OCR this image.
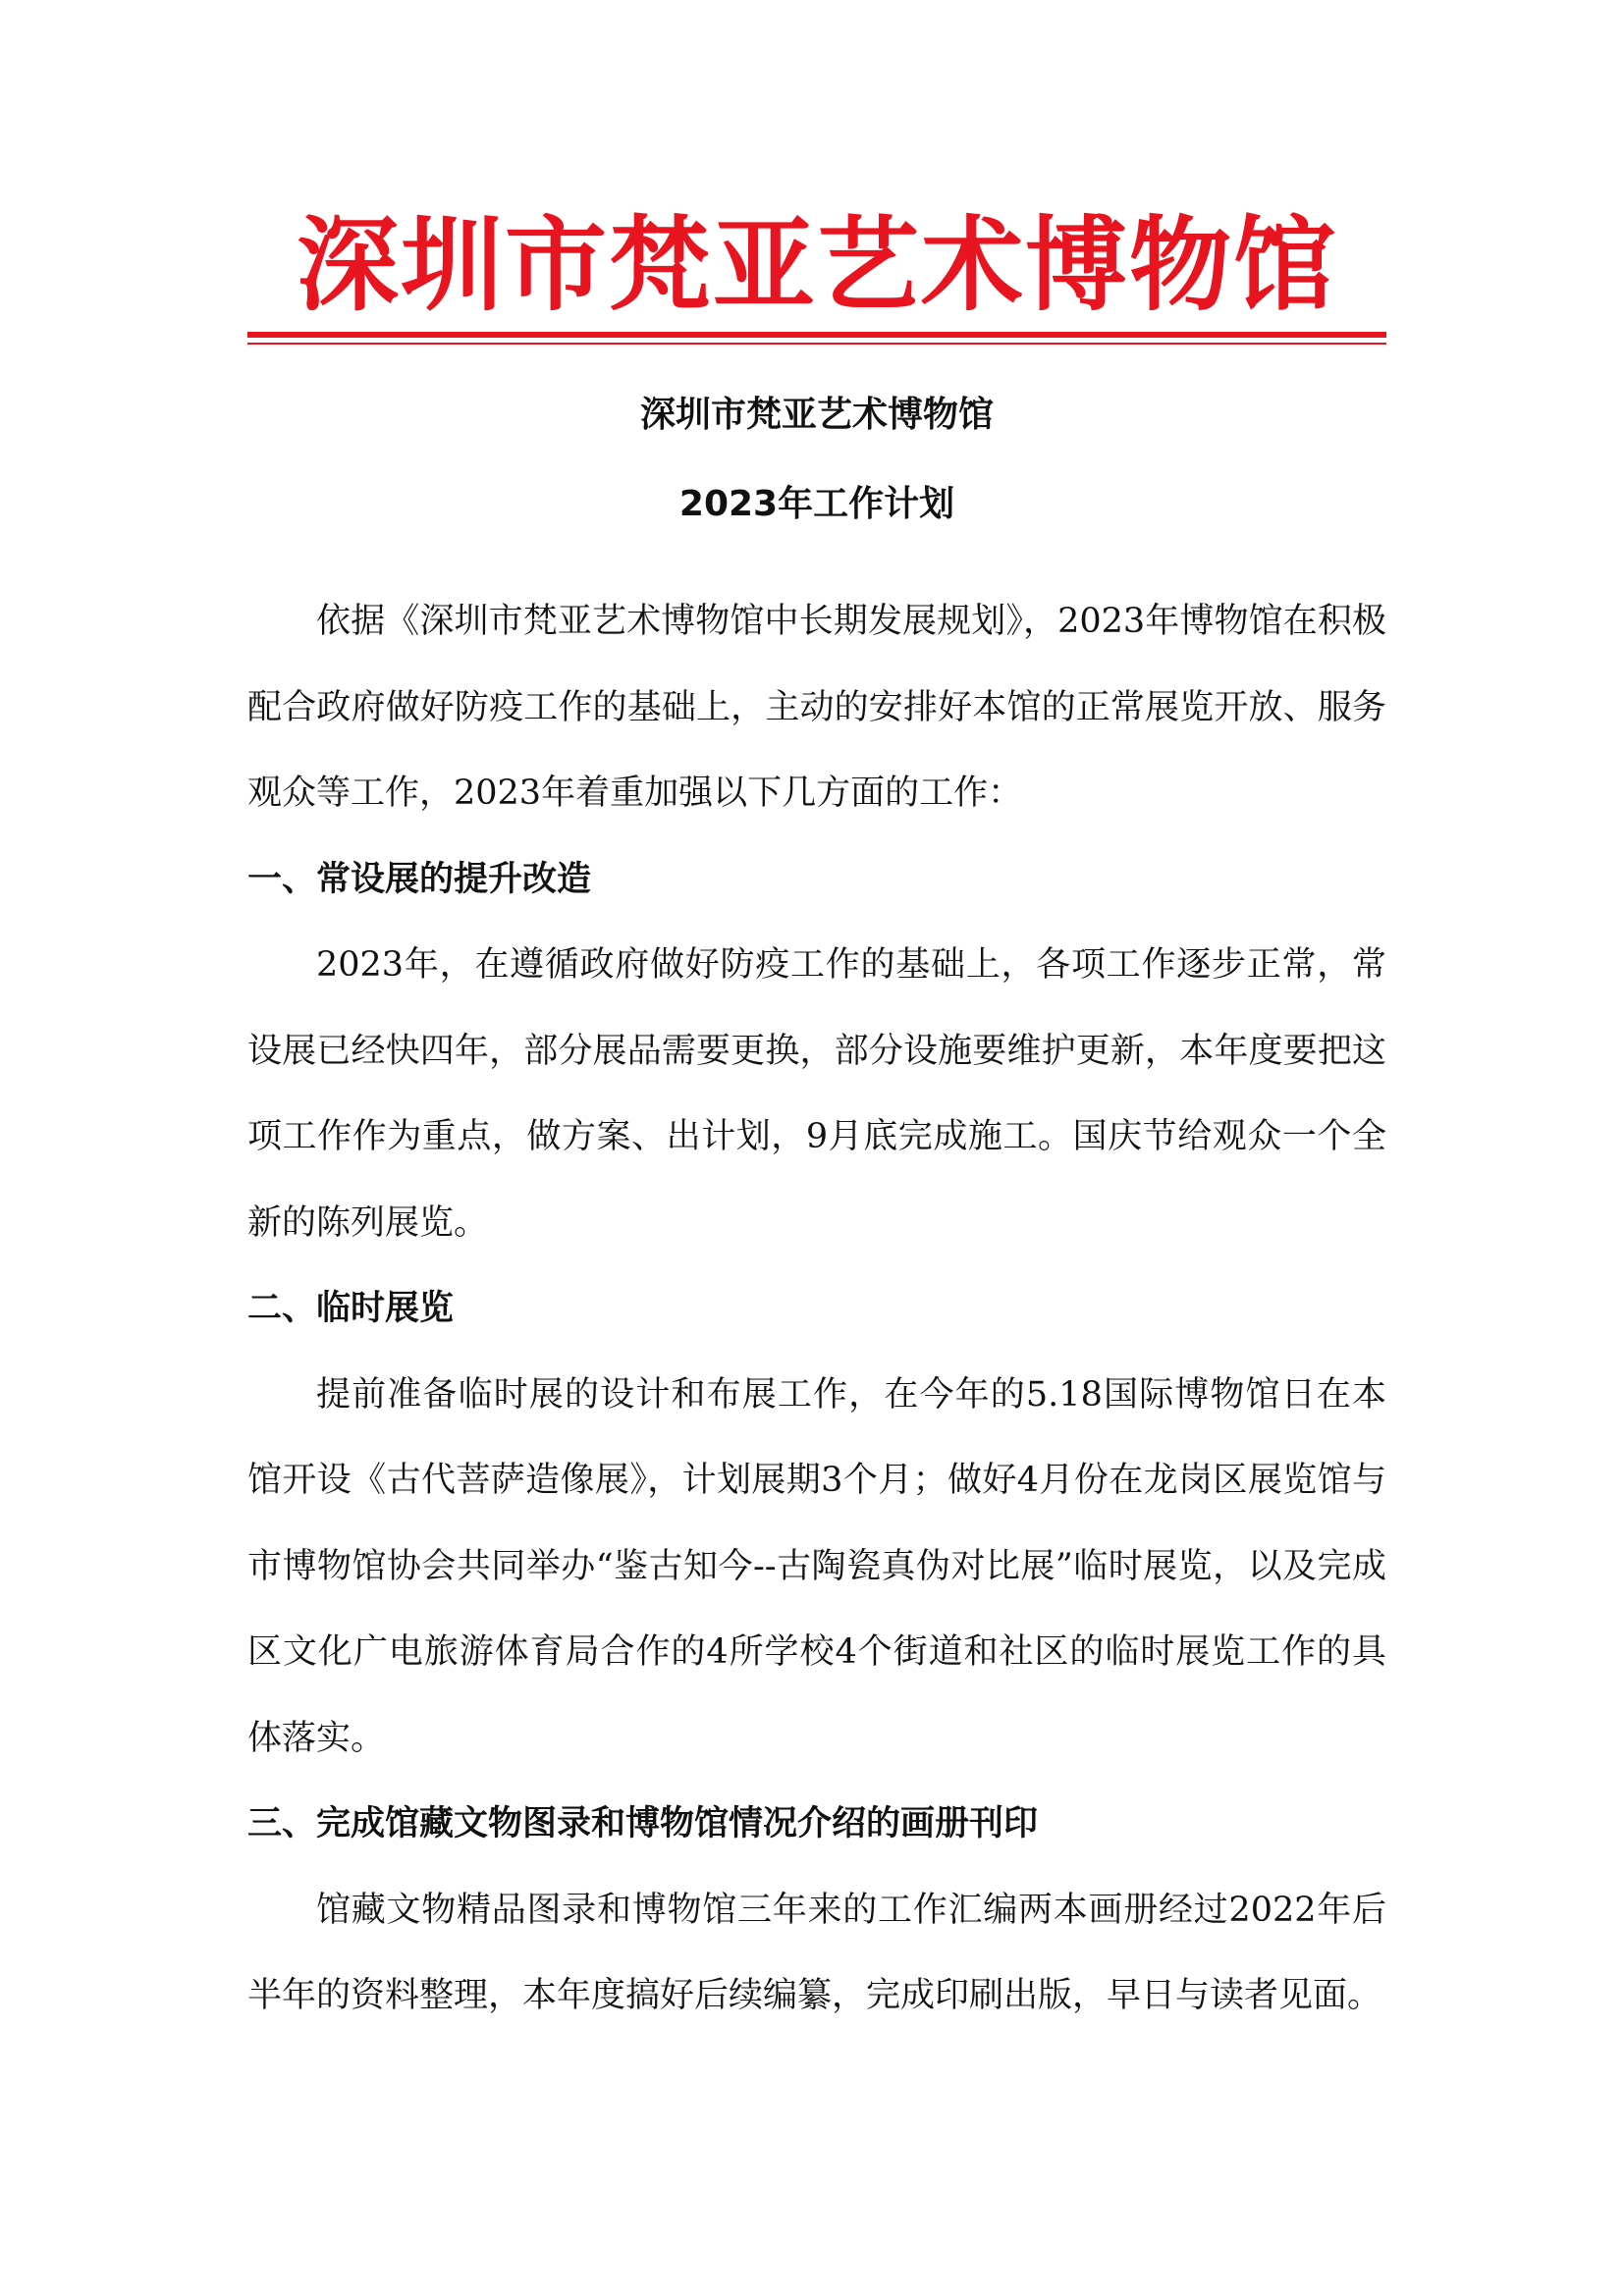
深圳市梵亚艺术博物馆
深圳市梵亚艺术博物馆
2023年工作计划

依据《深圳市梵亚艺术博物馆中长期发展规划》，2023年博物馆在积极配合政府做好防疫工作的基础上，主动的安排好本馆的正常展览开放、服务观众等工作，2023年着重加强以下几方面的工作：

一、常设展的提升改造

2023年，在遵循政府做好防疫工作的基础上，各项工作逐步正常，常设展已经快四年，部分展品需要更换，部分设施要维护更新，本年度要把这项工作作为重点，做方案、出计划，9月底完成施工。国庆节给观众一个全新的陈列展览。

二、临时展览

提前准备临时展的设计和布展工作，在今年的5.18国际博物馆日在本馆开设《古代菩萨造像展》，计划展期3个月；做好4月份在龙岗区展览馆与市博物馆协会共同举办“鉴古知今--古陶瓷真伪对比展”临时展览，以及完成区文化广电旅游体育局合作的4所学校4个街道和社区的临时展览工作的具体落实。

三、完成馆藏文物图录和博物馆情况介绍的画册刊印

馆藏文物精品图录和博物馆三年来的工作汇编两本画册经过2022年后半年的资料整理，本年度搞好后续编纂，完成印刷出版，早日与读者见面。
